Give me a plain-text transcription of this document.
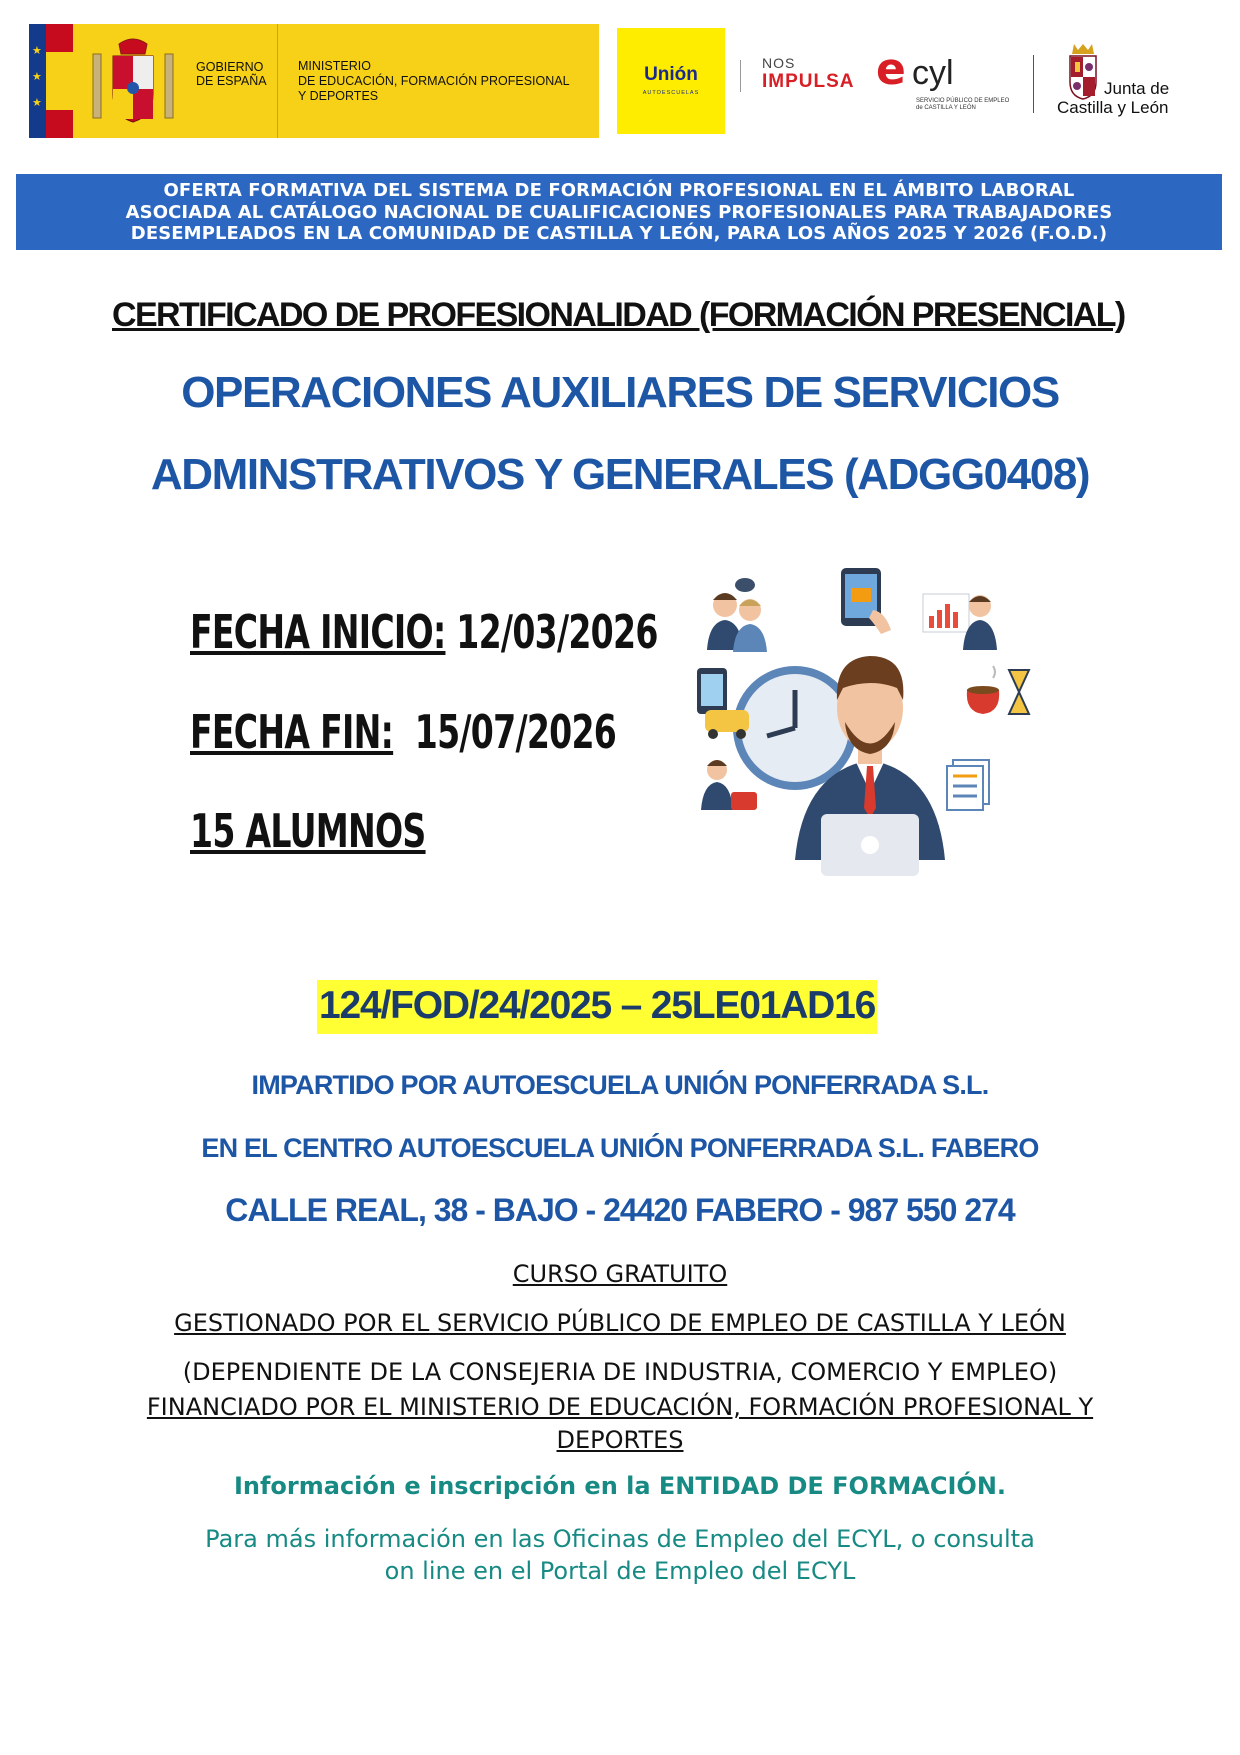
★
★
★
GOBIERNO
DE ESPAÑA
MINISTERIO
DE EDUCACIÓN, FORMACIÓN PROFESIONAL
Y DEPORTES
Unión
AUTOESCUELAS
NOS
IMPULSA e cyl
SERVICIO PÚBLICO DE EMPLEO
de CASTILLA Y LEÓN
Junta de
Castilla y León
OFERTA FORMATIVA DEL SISTEMA DE FORMACIÓN PROFESIONAL EN EL ÁMBITO LABORAL
ASOCIADA AL CATÁLOGO NACIONAL DE CUALIFICACIONES PROFESIONALES PARA TRABAJADORES
DESEMPLEADOS EN LA COMUNIDAD DE CASTILLA Y LEÓN, PARA LOS AÑOS 2025 Y 2026 (F.O.D.)
CERTIFICADO DE PROFESIONALIDAD (FORMACIÓN PRESENCIAL)
OPERACIONES AUXILIARES DE SERVICIOS
ADMINSTRATIVOS Y GENERALES (ADGG0408)
FECHA INICIO: 12/03/2026
FECHA FIN: 15/07/2026
15 ALUMNOS
124/FOD/24/2025 – 25LE01AD16
IMPARTIDO POR AUTOESCUELA UNIÓN PONFERRADA S.L.
EN EL CENTRO AUTOESCUELA UNIÓN PONFERRADA S.L. FABERO
CALLE REAL, 38 - BAJO - 24420 FABERO - 987 550 274
CURSO GRATUITO
GESTIONADO POR EL SERVICIO PÚBLICO DE EMPLEO DE CASTILLA Y LEÓN
(DEPENDIENTE DE LA CONSEJERIA DE INDUSTRIA, COMERCIO Y EMPLEO)
FINANCIADO POR EL MINISTERIO DE EDUCACIÓN, FORMACIÓN PROFESIONAL Y
DEPORTES
Información e inscripción en la ENTIDAD DE FORMACIÓN.
Para más información en las Oficinas de Empleo del ECYL, o consulta
on line en el Portal de Empleo del ECYL
